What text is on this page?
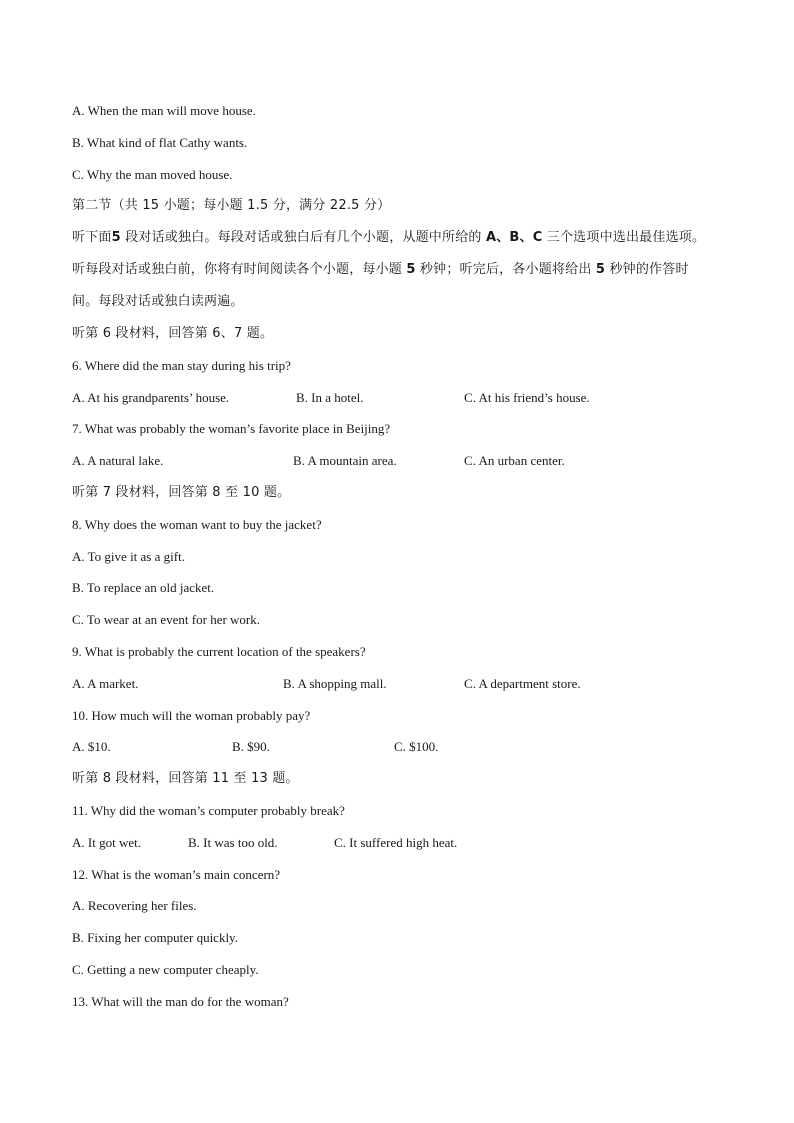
A. When the man will move house.
B. What kind of flat Cathy wants.
C. Why the man moved house.
第二节（共 15 小题；每小题 1.5 分，满分 22.5 分）
听下面5 段对话或独白。每段对话或独白后有几个小题，从题中所给的 A、B、C 三个选项中选出最佳选项。
听每段对话或独白前，你将有时间阅读各个小题，每小题 5 秒钟；听完后，各小题将给出 5 秒钟的作答时
间。每段对话或独白读两遍。
听第 6 段材料，回答第 6、7 题。
6. Where did the man stay during his trip?
A. At his grandparents’ house.	B. In a hotel.	C. At his friend’s house.
7. What was probably the woman’s favorite place in Beijing?
A. A natural lake.	B. A mountain area.	C. An urban center.
听第 7 段材料，回答第 8 至 10 题。
8. Why does the woman want to buy the jacket?
A. To give it as a gift.
B. To replace an old jacket.
C. To wear at an event for her work.
9. What is probably the current location of the speakers?
A. A market.	B. A shopping mall.	C. A department store.
10. How much will the woman probably pay?
A. $10.	B. $90.	C. $100.
听第 8 段材料，回答第 11 至 13 题。
11. Why did the woman’s computer probably break?
A. It got wet.	B. It was too old.	C. It suffered high heat.
12. What is the woman’s main concern?
A. Recovering her files.
B. Fixing her computer quickly.
C. Getting a new computer cheaply.
13. What will the man do for the woman?
